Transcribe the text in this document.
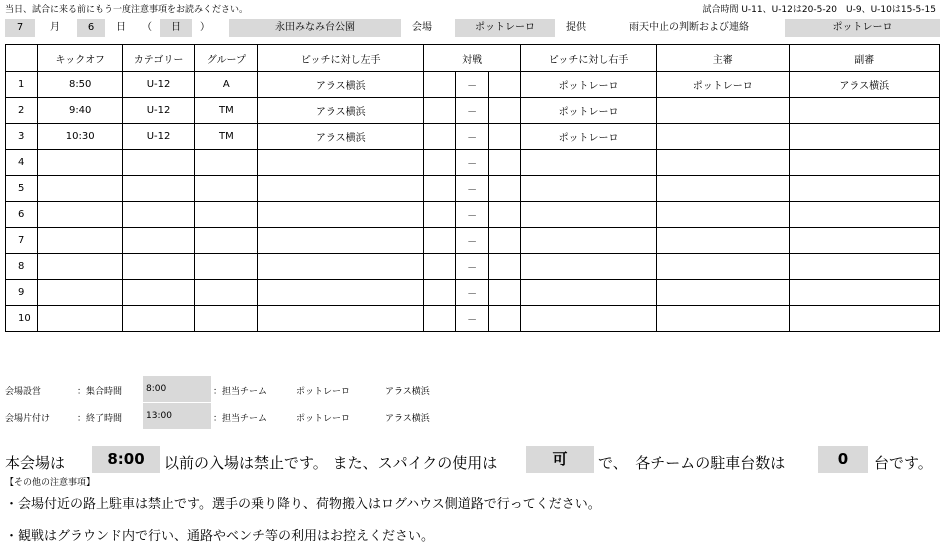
当日、試合に来る前にもう一度注意事項をお読みください。	試合時間 U-11、U-12は20-5-20　U-9、U-10は15-5-15
7	月	6	日	（	日	）	永田みなみ台公園	会場	ポットレーロ	提供	雨天中止の判断および連絡	ポットレーロ
	キックオフ	カテゴリー	グループ	ピッチに対し左手	対戦			ピッチに対し右手	主審	副審
1	8:50	U-12	A	アラス横浜		－		ポットレーロ	ポットレーロ	アラス横浜
2	9:40	U-12	TM	アラス横浜		－		ポットレーロ		
3	10:30	U-12	TM	アラス横浜		－		ポットレーロ		
4						－				
5						－				
6						－				
7						－				
8						－				
9						－				
10						－				
会場設営	：集合時間	8:00	：担当チーム	ポットレーロ	アラス横浜
会場片付け	：終了時間	13:00	：担当チーム	ポットレーロ	アラス横浜
本会場は	8:00	以前の入場は禁止です。 また、スパイクの使用は	可	で、　各チームの駐車台数は	0	台です。
【その他の注意事項】
・会場付近の路上駐車は禁止です。選手の乗り降り、荷物搬入はログハウス側道路で行ってください。
・観戦はグラウンド内で行い、通路やベンチ等の利用はお控えください。
